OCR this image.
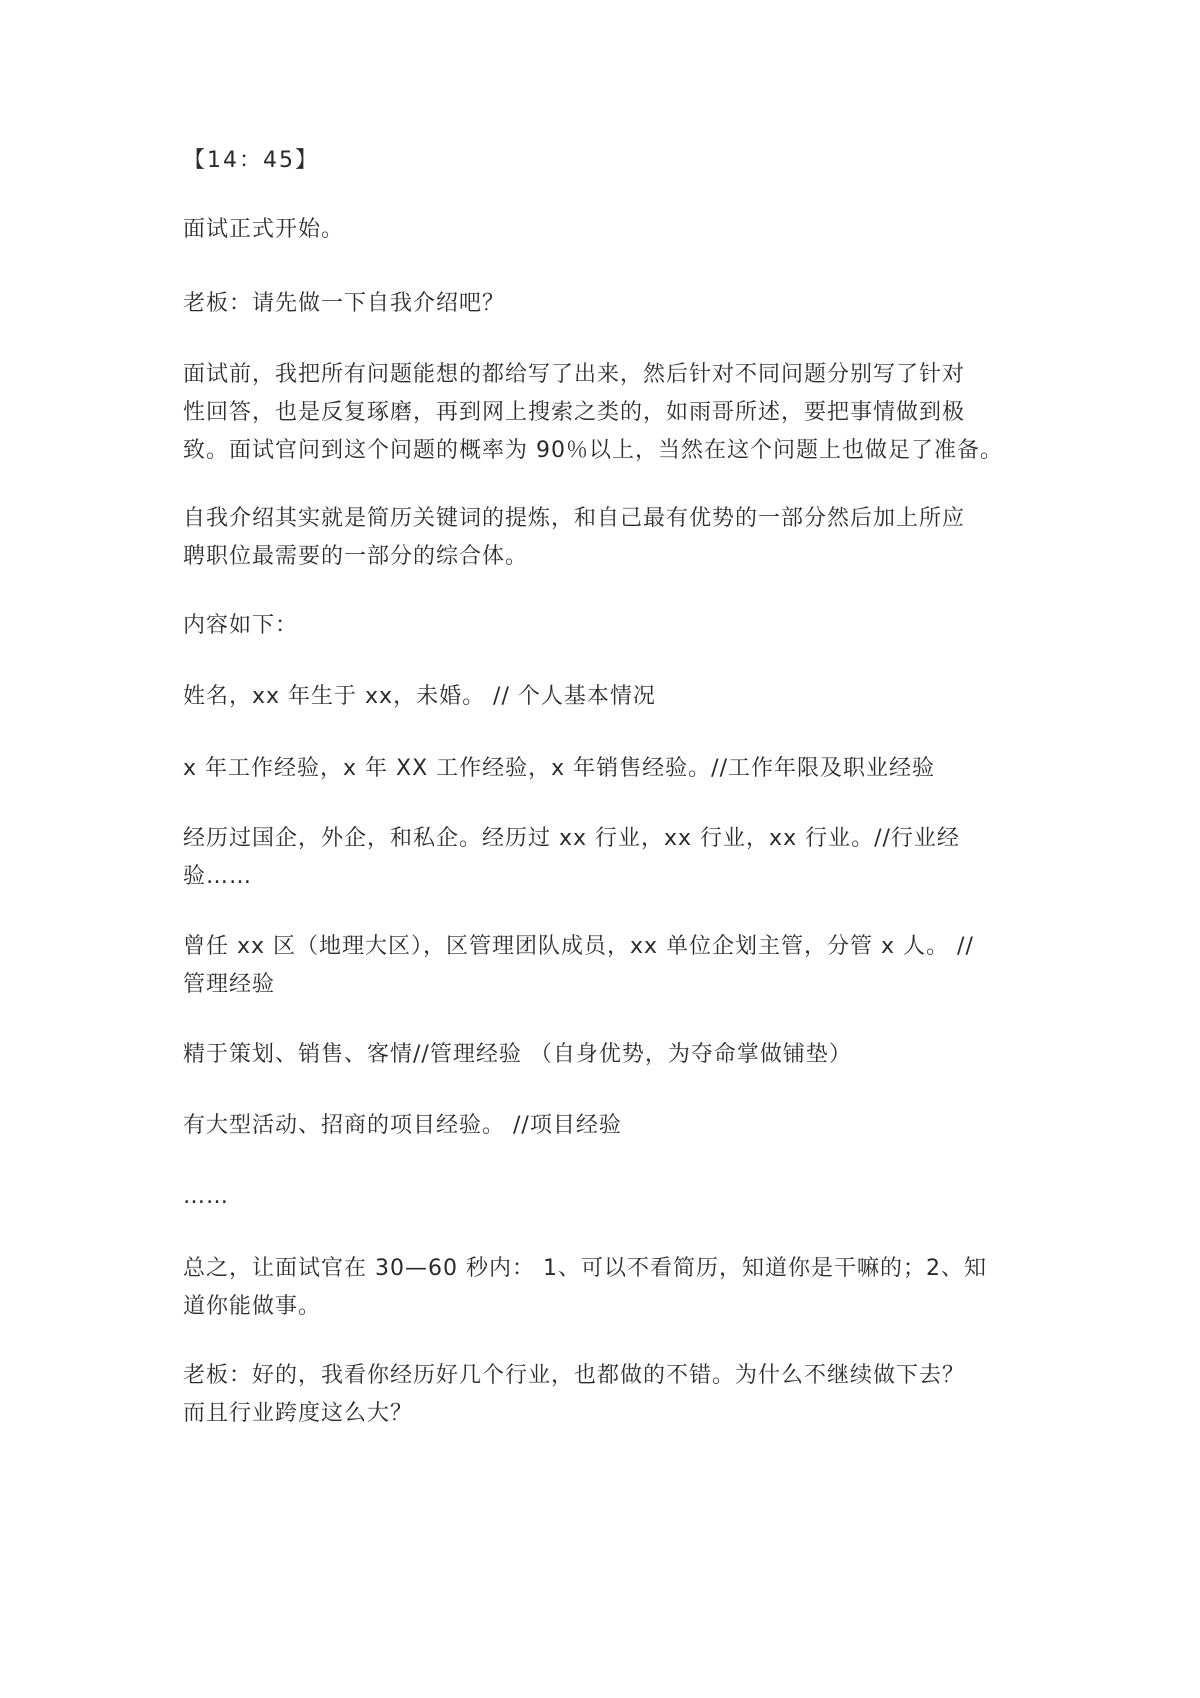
【14：45】

面试正式开始。

老板：请先做一下自我介绍吧？

面试前，我把所有问题能想的都给写了出来，然后针对不同问题分别写了针对
性回答，也是反复琢磨，再到网上搜索之类的，如雨哥所述，要把事情做到极
致。面试官问到这个问题的概率为 90％以上，当然在这个问题上也做足了准备。

自我介绍其实就是简历关键词的提炼，和自己最有优势的一部分然后加上所应
聘职位最需要的一部分的综合体。

内容如下：

姓名，xx 年生于 xx，未婚。 // 个人基本情况

x 年工作经验，x 年 XX 工作经验，x 年销售经验。//工作年限及职业经验

经历过国企，外企，和私企。经历过 xx 行业，xx 行业，xx 行业。//行业经
验……

曾任 xx 区（地理大区），区管理团队成员，xx 单位企划主管，分管 x 人。 //
管理经验

精于策划、销售、客情//管理经验 （自身优势，为夺命掌做铺垫）

有大型活动、招商的项目经验。 //项目经验

……

总之，让面试官在 30—60 秒内： 1、可以不看简历，知道你是干嘛的；2、知
道你能做事。

老板：好的，我看你经历好几个行业，也都做的不错。为什么不继续做下去？
而且行业跨度这么大？
